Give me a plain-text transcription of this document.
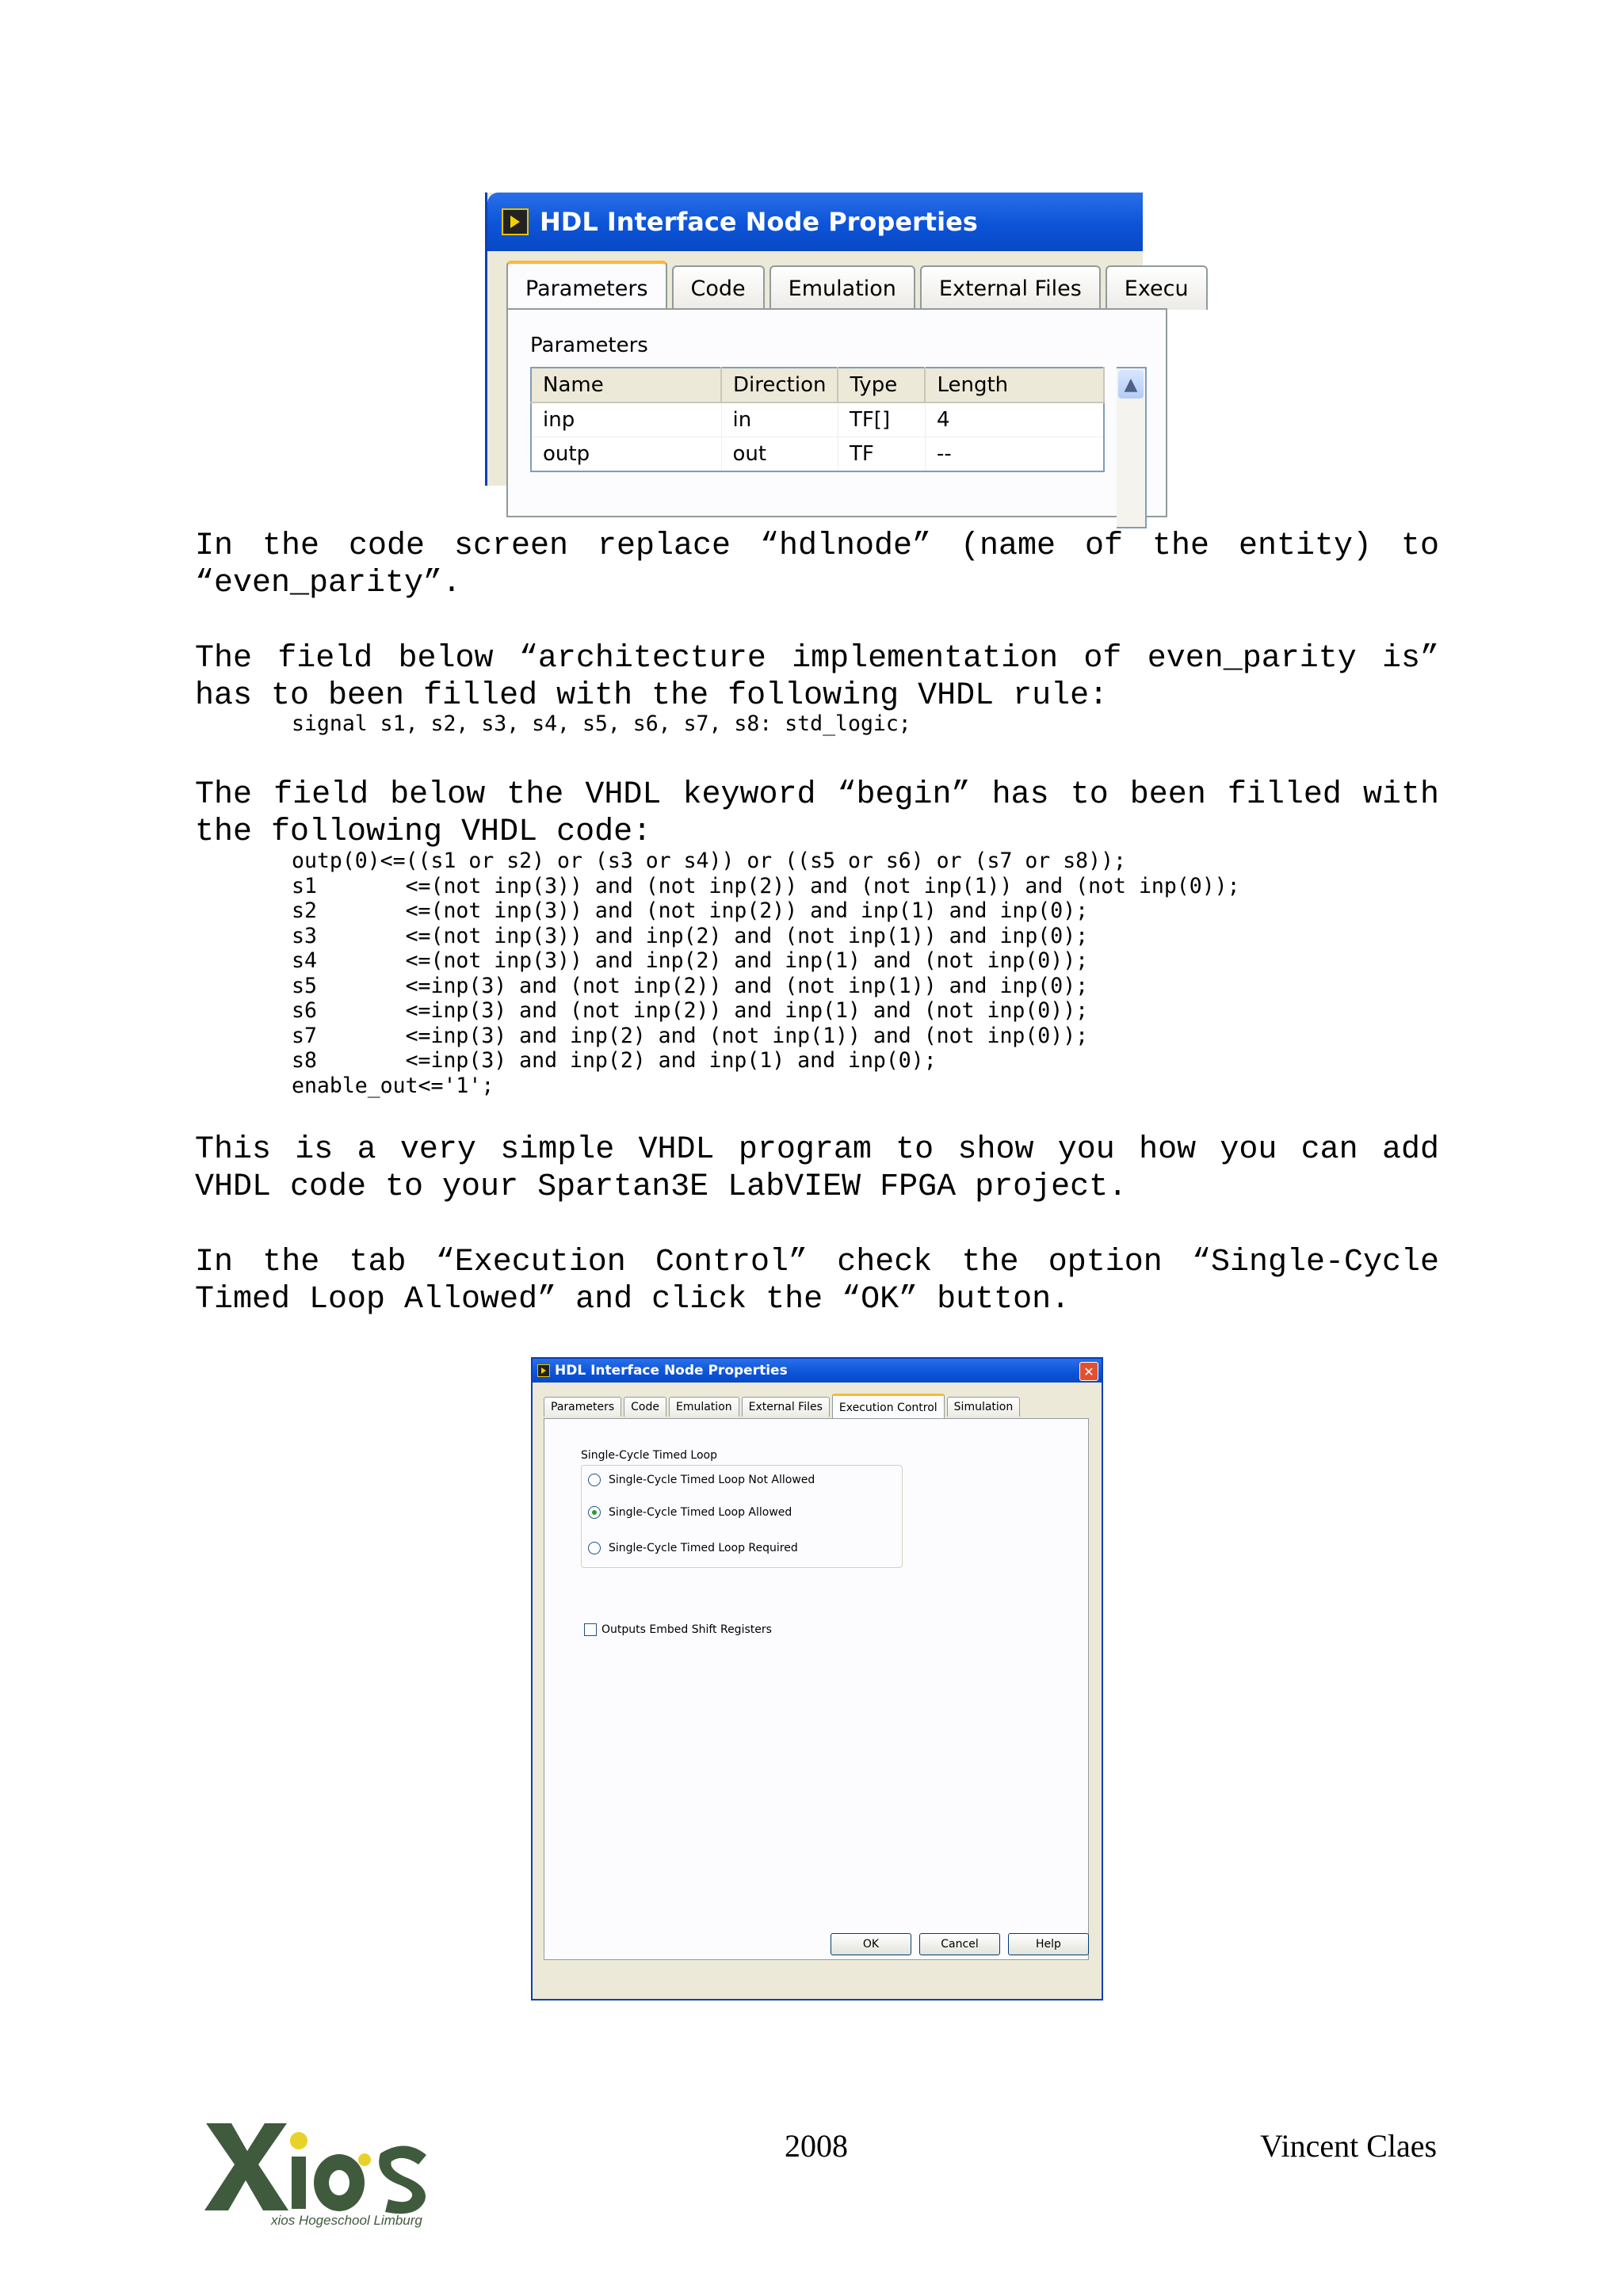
HDL Interface Node Properties
Parameters	Code	Emulation	External Files	Execu
Parameters
Name	Direction	Type	Length
inp	in	TF[]	4
outp	out	TF	--
▲

In the code screen replace “hdlnode” (name of the entity) to “even_parity”.

The field below “architecture implementation of even_parity is” has to been filled with the following VHDL rule:

signal s1, s2, s3, s4, s5, s6, s7, s8: std_logic;

The field below the VHDL keyword “begin” has to been filled with the following VHDL code:

outp(0)<=((s1 or s2) or (s3 or s4)) or ((s5 or s6) or (s7 or s8));
s1       <=(not inp(3)) and (not inp(2)) and (not inp(1)) and (not inp(0));
s2       <=(not inp(3)) and (not inp(2)) and inp(1) and inp(0);
s3       <=(not inp(3)) and inp(2) and (not inp(1)) and inp(0);
s4       <=(not inp(3)) and inp(2) and inp(1) and (not inp(0));
s5       <=inp(3) and (not inp(2)) and (not inp(1)) and inp(0);
s6       <=inp(3) and (not inp(2)) and inp(1) and (not inp(0));
s7       <=inp(3) and inp(2) and (not inp(1)) and (not inp(0));
s8       <=inp(3) and inp(2) and inp(1) and inp(0);
enable_out<='1';

This is a very simple VHDL program to show you how you can add VHDL code to your Spartan3E LabVIEW FPGA project.

In the tab “Execution Control” check the option “Single-Cycle Timed Loop Allowed” and click the “OK” button.

HDL Interface Node Properties	✕
Parameters	Code	Emulation	External Files	Execution Control	Simulation
Single-Cycle Timed Loop
Single-Cycle Timed Loop Not Allowed
Single-Cycle Timed Loop Allowed
Single-Cycle Timed Loop Required
Outputs Embed Shift Registers
OK	Cancel	Help
xios Hogeschool Limburg
2008	Vincent Claes
